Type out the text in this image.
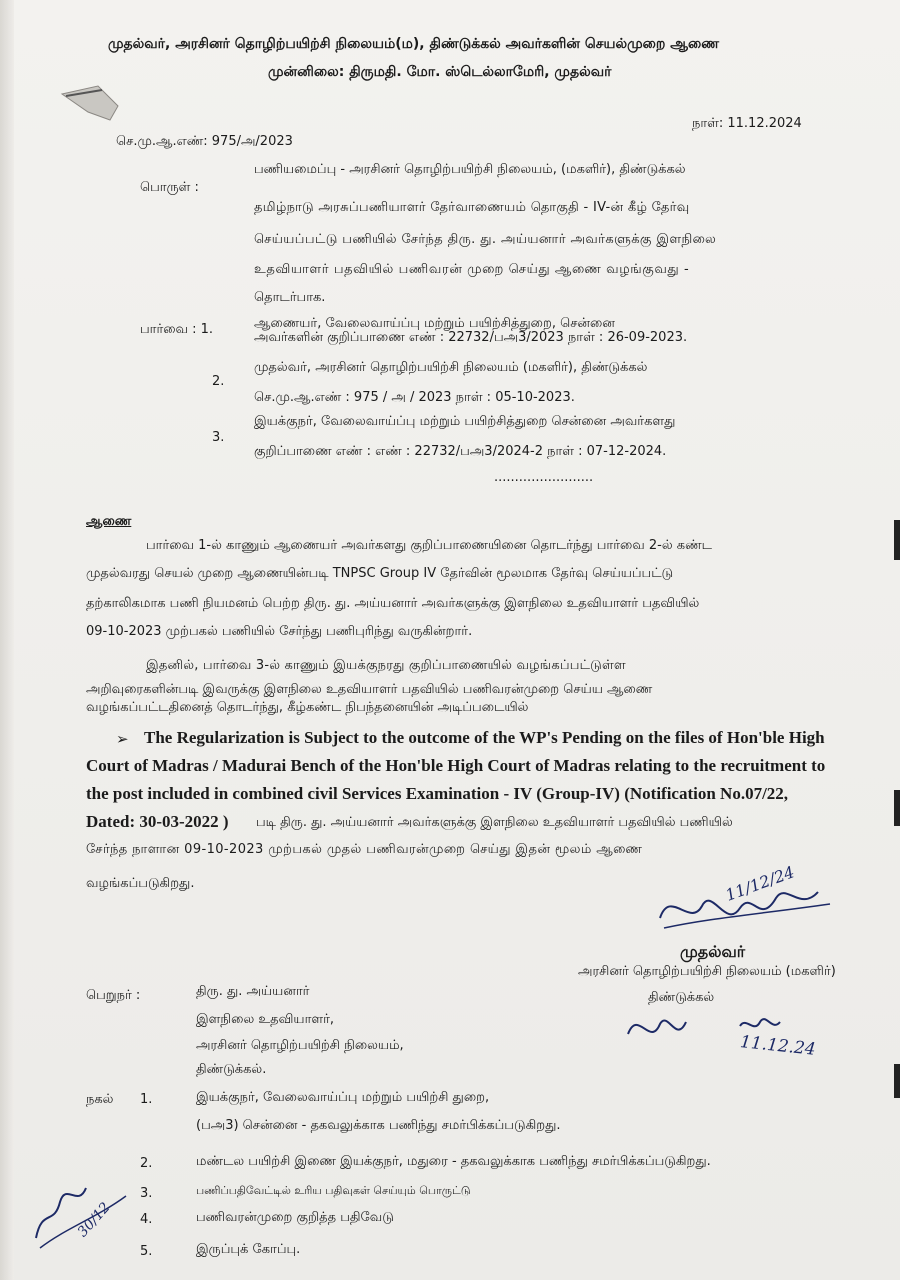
முதல்வர், அரசினர் தொழிற்பயிற்சி நிலையம்(ம), திண்டுக்கல் அவர்களின் செயல்முறை ஆணை
முன்னிலை: திருமதி. மோ. ஸ்டெல்லாமேரி, முதல்வர்
செ.மு.ஆ.எண்: 975/அ/2023
நாள்: 11.12.2024
பொருள் :
பணியமைப்பு - அரசினர் தொழிற்பயிற்சி நிலையம், (மகளிர்), திண்டுக்கல்
தமிழ்நாடு அரசுப்பணியாளர் தேர்வாணையம் தொகுதி - IV-ன் கீழ் தேர்வு
செய்யப்பட்டு பணியில் சேர்ந்த திரு. து. அய்யனார் அவர்களுக்கு இளநிலை
உதவியாளர் பதவியில் பணிவரன் முறை செய்து ஆணை வழங்குவது -
தொடர்பாக.
பார்வை : 1.	ஆணையர், வேலைவாய்ப்பு மற்றும் பயிற்சித்துறை, சென்னை
அவர்களின் குறிப்பாணை எண் : 22732/பஅ3/2023 நாள் : 26-09-2023.
2.
முதல்வர், அரசினர் தொழிற்பயிற்சி நிலையம் (மகளிர்), திண்டுக்கல்
செ.மு.ஆ.எண் : 975 / அ / 2023 நாள் : 05-10-2023.
3.
இயக்குநர், வேலைவாய்ப்பு மற்றும் பயிற்சித்துறை சென்னை அவர்களது
குறிப்பாணை எண் : எண் : 22732/பஅ3/2024-2 நாள் : 07-12-2024.
........................
ஆணை
பார்வை 1-ல் காணும் ஆணையர் அவர்களது குறிப்பாணையினை தொடர்ந்து பார்வை 2-ல் கண்ட
முதல்வரது செயல் முறை ஆணையின்படி TNPSC Group IV தேர்வின் மூலமாக தேர்வு செய்யப்பட்டு
தற்காலிகமாக பணி நியமனம் பெற்ற திரு. து. அய்யனார் அவர்களுக்கு இளநிலை உதவியாளர் பதவியில்
09-10-2023 முற்பகல் பணியில் சேர்ந்து பணிபுரிந்து வருகின்றார்.
இதனில், பார்வை 3-ல் காணும் இயக்குநரது குறிப்பாணையில் வழங்கப்பட்டுள்ள
அறிவுரைகளின்படி இவருக்கு இளநிலை உதவியாளர் பதவியில் பணிவரன்முறை செய்ய ஆணை
வழங்கப்பட்டதினைத் தொடர்ந்து, கீழ்கண்ட நிபந்தனையின் அடிப்படையில்
➢ The Regularization is Subject to the outcome of the WP's Pending on the files of Hon'ble High
Court of Madras / Madurai Bench of the Hon'ble High Court of Madras relating to the recruitment to
the post included in combined civil Services Examination - IV (Group-IV) (Notification No.07/22,
Dated: 30-03-2022 ) படி திரு. து. அய்யனார் அவர்களுக்கு இளநிலை உதவியாளர் பதவியில் பணியில்
சேர்ந்த நாளான 09-10-2023 முற்பகல் முதல் பணிவரன்முறை செய்து இதன் மூலம் ஆணை
வழங்கப்படுகிறது.	11/12/24
முதல்வர்
அரசினர் தொழிற்பயிற்சி நிலையம் (மகளிர்)
திண்டுக்கல்
11.12.24
பெறுநர் :	திரு. து. அய்யனார்
இளநிலை உதவியாளர்,
அரசினர் தொழிற்பயிற்சி நிலையம்,
திண்டுக்கல்.
நகல் 1.	இயக்குநர், வேலைவாய்ப்பு மற்றும் பயிற்சி துறை,
(பஅ3) சென்னை - தகவலுக்காக பணிந்து சமர்பிக்கப்படுகிறது.
2.	மண்டல பயிற்சி இணை இயக்குநர், மதுரை - தகவலுக்காக பணிந்து சமர்பிக்கப்படுகிறது.
3.	பணிப்பதிவேட்டில் உரிய பதிவுகள் செய்யும் பொருட்டு
4.	பணிவரன்முறை குறித்த பதிவேடு
5.	இருப்புக் கோப்பு.
30/12
